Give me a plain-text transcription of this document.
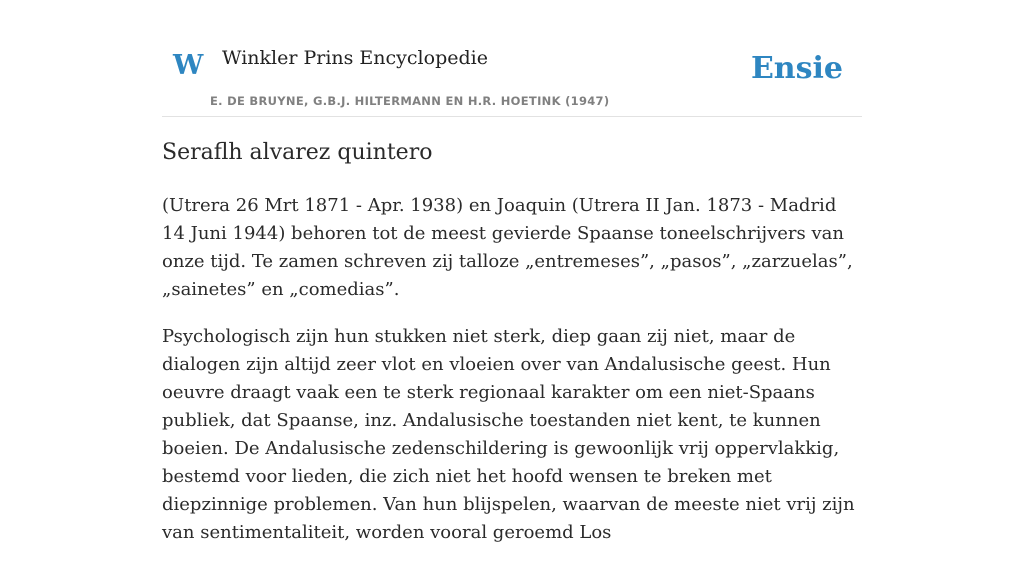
W Winkler Prins Encyclopedie
E. DE BRUYNE, G.B.J. HILTERMANN EN H.R. HOETINK (1947)
Ensie
Seraflh alvarez quintero

(Utrera 26 Mrt 1871 - Apr. 1938) en Joaquin (Utrera II Jan. 1873 - Madrid 14 Juni 1944) behoren tot de meest gevierde Spaanse toneelschrijvers van onze tijd. Te zamen schreven zij talloze „entremeses”, „pasos”, „zarzuelas”, „sainetes” en „comedias”.

Psychologisch zijn hun stukken niet sterk, diep gaan zij niet, maar de dialogen zijn altijd zeer vlot en vloeien over van Andalusische geest. Hun oeuvre draagt vaak een te sterk regionaal karakter om een niet-Spaans publiek, dat Spaanse, inz. Andalusische toestanden niet kent, te kunnen boeien. De Andalusische zedenschildering is gewoonlijk vrij oppervlakkig, bestemd voor lieden, die zich niet het hoofd wensen te breken met diepzinnige problemen. Van hun blijspelen, waarvan de meeste niet vrij zijn van sentimentaliteit, worden vooral geroemd Los
